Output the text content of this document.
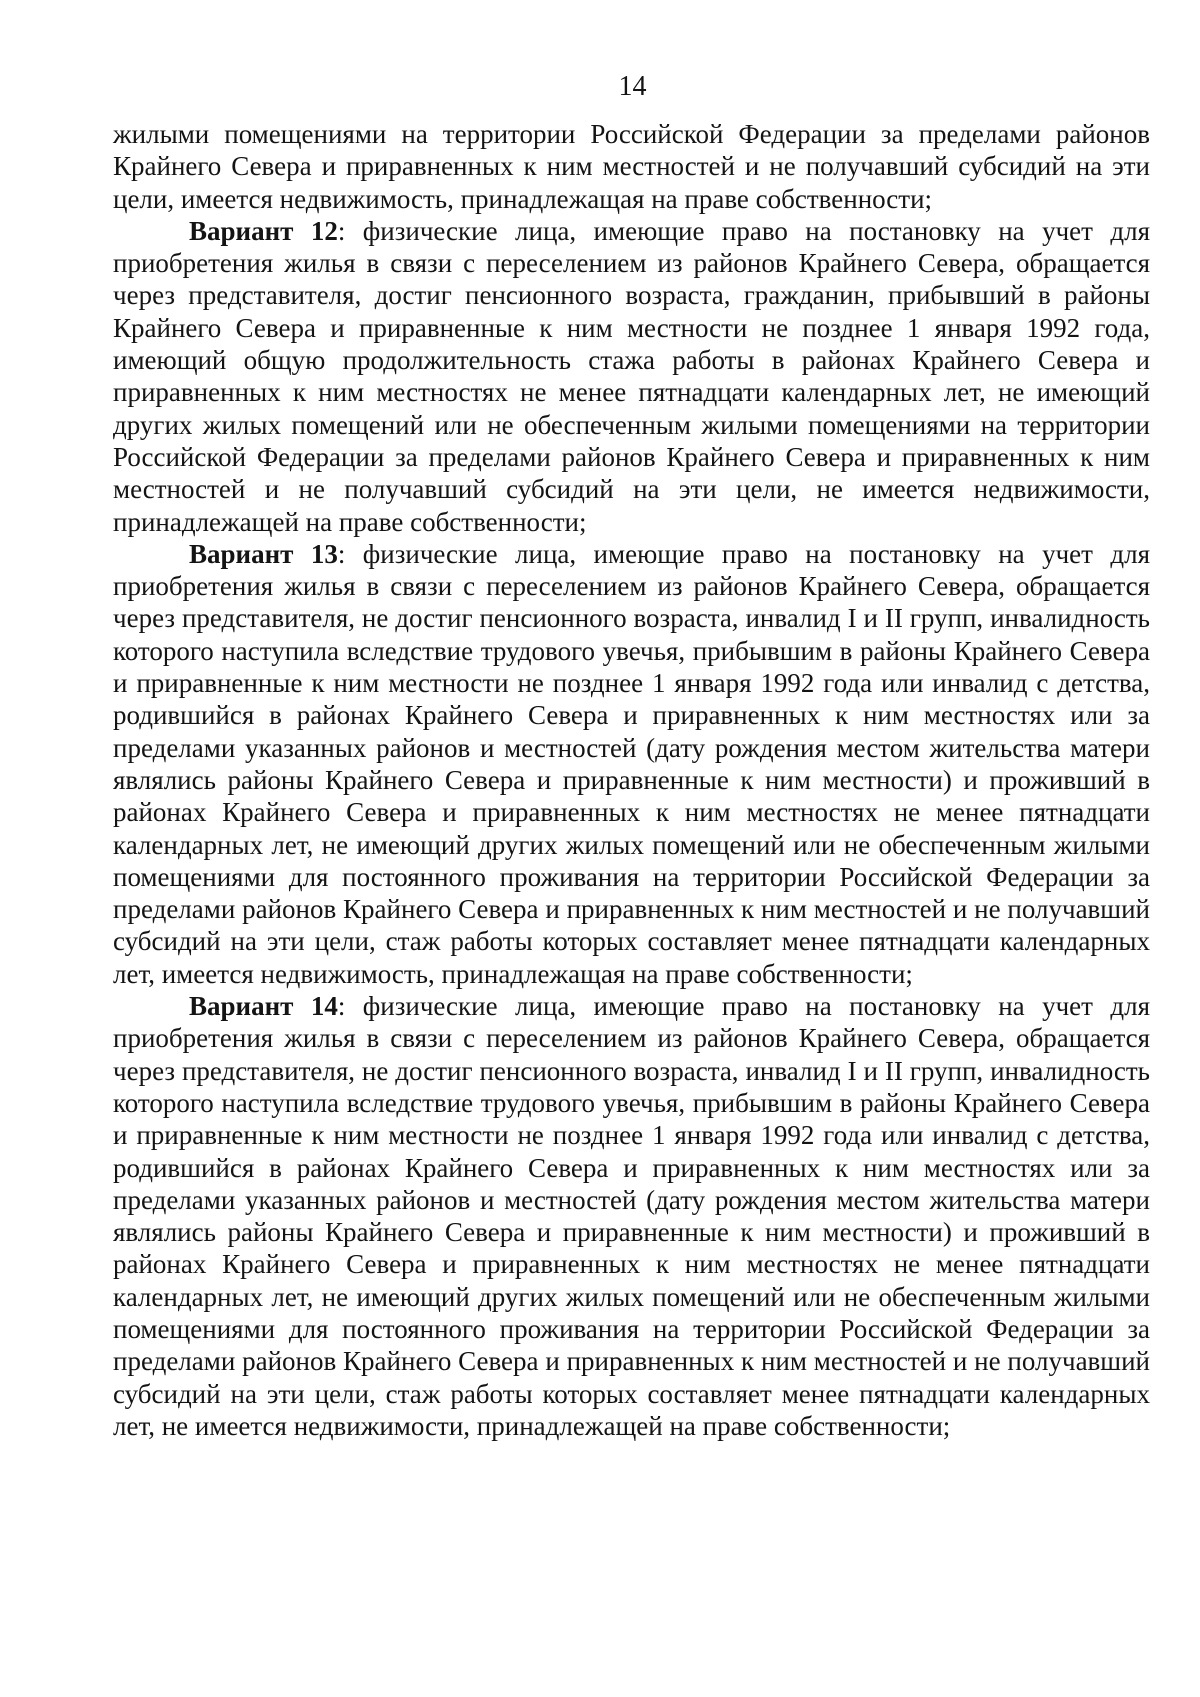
14

жилыми помещениями на территории Российской Федерации за пределами районов Крайнего Севера и приравненных к ним местностей и не получавший субсидий на эти цели, имеется недвижимость, принадлежащая на праве собственности;

Вариант 12: физические лица, имеющие право на постановку на учет для приобретения жилья в связи с переселением из районов Крайнего Севера, обращается через представителя, достиг пенсионного возраста, гражданин, прибывший в районы Крайнего Севера и приравненные к ним местности не позднее 1 января 1992 года, имеющий общую продолжительность стажа работы в районах Крайнего Севера и приравненных к ним местностях не менее пятнадцати календарных лет, не имеющий других жилых помещений или не обеспеченным жилыми помещениями на территории Российской Федерации за пределами районов Крайнего Севера и приравненных к ним местностей и не получавший субсидий на эти цели, не имеется недвижимости, принадлежащей на праве собственности;

Вариант 13: физические лица, имеющие право на постановку на учет для приобретения жилья в связи с переселением из районов Крайнего Севера, обращается через представителя, не достиг пенсионного возраста, инвалид I и II групп, инвалидность которого наступила вследствие трудового увечья, прибывшим в районы Крайнего Севера и приравненные к ним местности не позднее 1 января 1992 года или инвалид с детства, родившийся в районах Крайнего Севера и приравненных к ним местностях или за пределами указанных районов и местностей (дату рождения местом жительства матери являлись районы Крайнего Севера и приравненные к ним местности) и проживший в районах Крайнего Севера и приравненных к ним местностях не менее пятнадцати календарных лет, не имеющий других жилых помещений или не обеспеченным жилыми помещениями для постоянного проживания на территории Российской Федерации за пределами районов Крайнего Севера и приравненных к ним местностей и не получавший субсидий на эти цели, стаж работы которых составляет менее пятнадцати календарных лет, имеется недвижимость, принадлежащая на праве собственности;

Вариант 14: физические лица, имеющие право на постановку на учет для приобретения жилья в связи с переселением из районов Крайнего Севера, обращается через представителя, не достиг пенсионного возраста, инвалид I и II групп, инвалидность которого наступила вследствие трудового увечья, прибывшим в районы Крайнего Севера и приравненные к ним местности не позднее 1 января 1992 года или инвалид с детства, родившийся в районах Крайнего Севера и приравненных к ним местностях или за пределами указанных районов и местностей (дату рождения местом жительства матери являлись районы Крайнего Севера и приравненные к ним местности) и проживший в районах Крайнего Севера и приравненных к ним местностях не менее пятнадцати календарных лет, не имеющий других жилых помещений или не обеспеченным жилыми помещениями для постоянного проживания на территории Российской Федерации за пределами районов Крайнего Севера и приравненных к ним местностей и не получавший субсидий на эти цели, стаж работы которых составляет менее пятнадцати календарных лет, не имеется недвижимости, принадлежащей на праве собственности;
